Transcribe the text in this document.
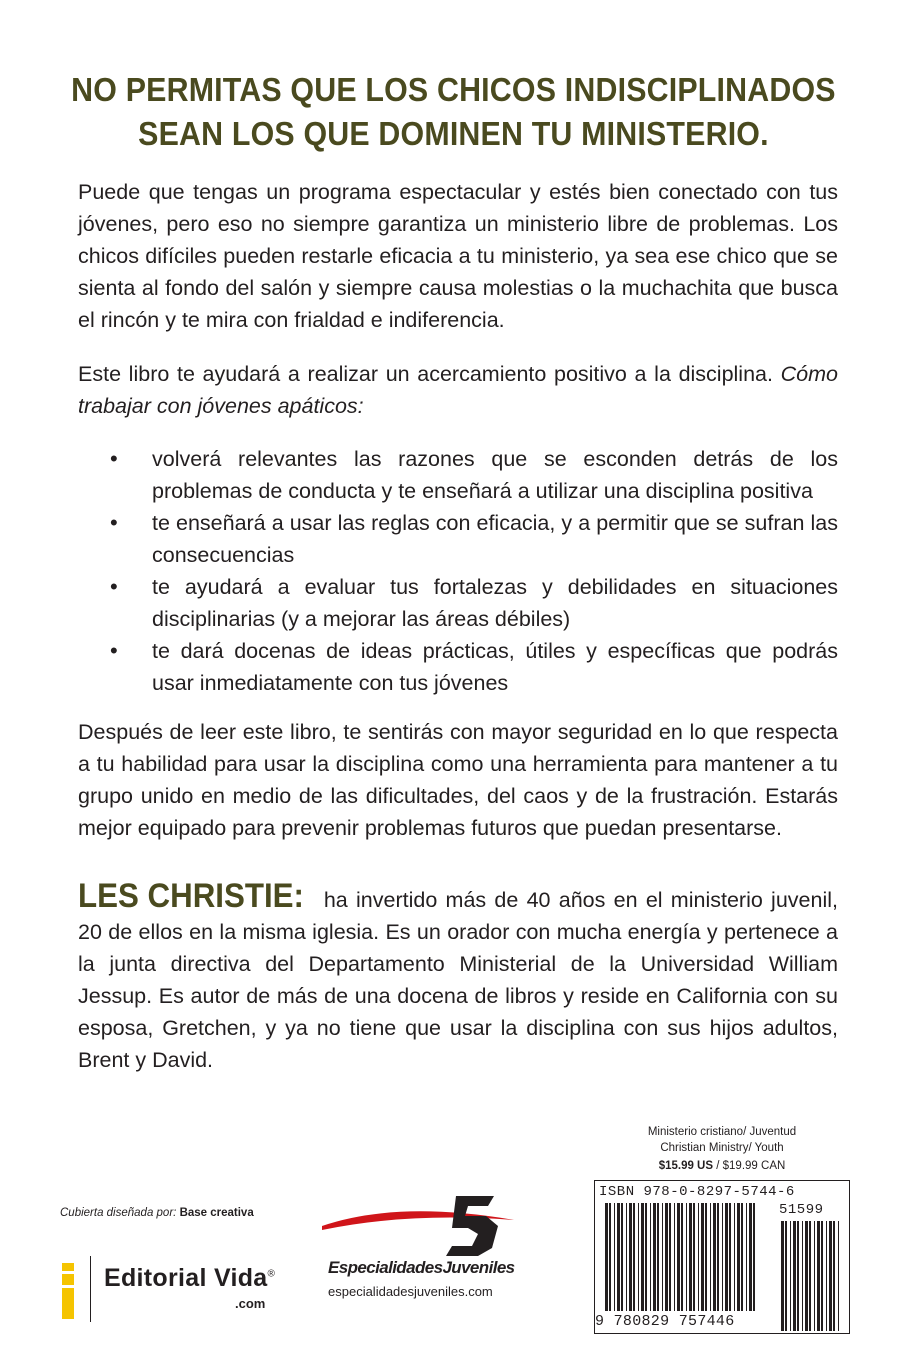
NO PERMITAS QUE LOS CHICOS INDISCIPLINADOS
SEAN LOS QUE DOMINEN TU MINISTERIO.

Puede que tengas un programa espectacular y estés bien conectado con tus jóvenes, pero eso no siempre garantiza un ministerio libre de problemas. Los chicos difíciles pueden restarle eficacia a tu ministerio, ya sea ese chico que se sienta al fondo del salón y siempre causa molestias o la muchachita que busca el rincón y te mira con frialdad e indiferencia.

Este libro te ayudará a realizar un acercamiento positivo a la disciplina. Cómo trabajar con jóvenes apáticos:

• volverá relevantes las razones que se esconden detrás de los problemas de conducta y te enseñará a utilizar una disciplina positiva
• te enseñará a usar las reglas con eficacia, y a permitir que se sufran las consecuencias
• te ayudará a evaluar tus fortalezas y debilidades en situaciones disciplinarias (y a mejorar las áreas débiles)
• te dará docenas de ideas prácticas, útiles y específicas que podrás usar inmediatamente con tus jóvenes

Después de leer este libro, te sentirás con mayor seguridad en lo que respecta a tu habilidad para usar la disciplina como una herramienta para mantener a tu grupo unido en medio de las dificultades, del caos y de la frustración. Estarás mejor equipado para prevenir problemas futuros que puedan presentarse.

LES CHRISTIE: ha invertido más de 40 años en el ministerio juvenil, 20 de ellos en la misma iglesia. Es un orador con mucha energía y pertenece a la junta directiva del Departamento Ministerial de la Universidad William Jessup. Es autor de más de una docena de libros y reside en California con su esposa, Gretchen, y ya no tiene que usar la disciplina con sus hijos adultos, Brent y David.

Cubierta diseñada por: Base creativa
Editorial Vida®
.com
EspecialidadesJuveniles
especialidadesjuveniles.com
Ministerio cristiano/ Juventud
Christian Ministry/ Youth
$15.99 US / $19.99 CAN
ISBN 978-0-8297-5744-6
51599
9 780829 757446
